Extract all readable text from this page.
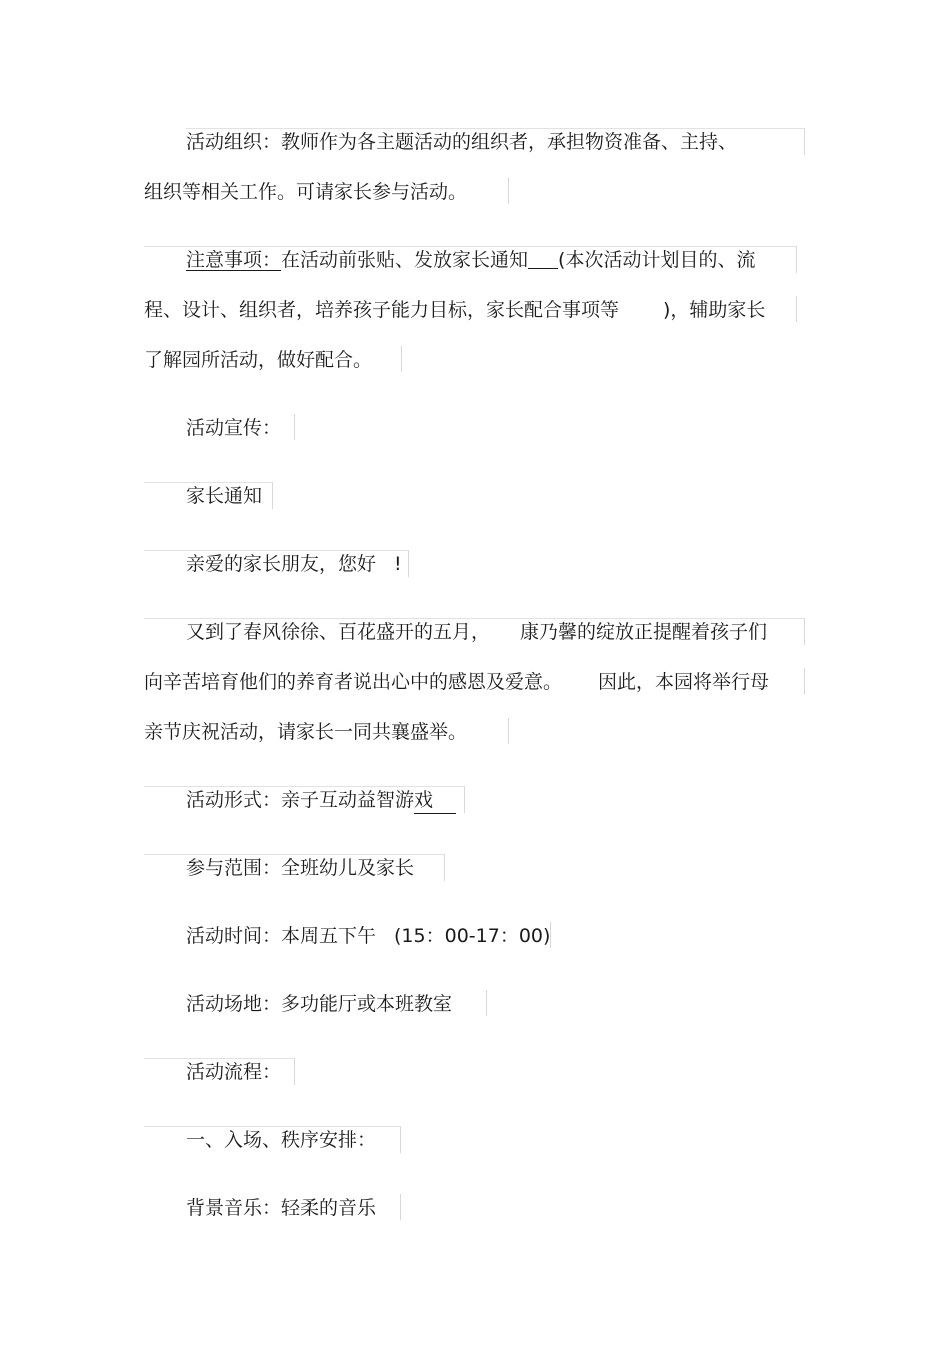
活动组织：教师作为各主题活动的组织者，承担物资准备、主持、
组织等相关工作。可请家长参与活动。
注意事项：在活动前张贴、发放家长通知 (本次活动计划目的、流
程、设计、组织者，培养孩子能力目标，家长配合事项等 )，辅助家长
了解园所活动，做好配合。
活动宣传：
家长通知
亲爱的家长朋友，您好 !
又到了春风徐徐、百花盛开的五月， 康乃馨的绽放正提醒着孩子们
向辛苦培育他们的养育者说出心中的感恩及爱意。 因此，本园将举行母
亲节庆祝活动，请家长一同共襄盛举。
活动形式：亲子互动益智游戏
参与范围：全班幼儿及家长
活动时间：本周五下午 (15：00-17：00)
活动场地：多功能厅或本班教室
活动流程：
一、入场、秩序安排：
背景音乐：轻柔的音乐
